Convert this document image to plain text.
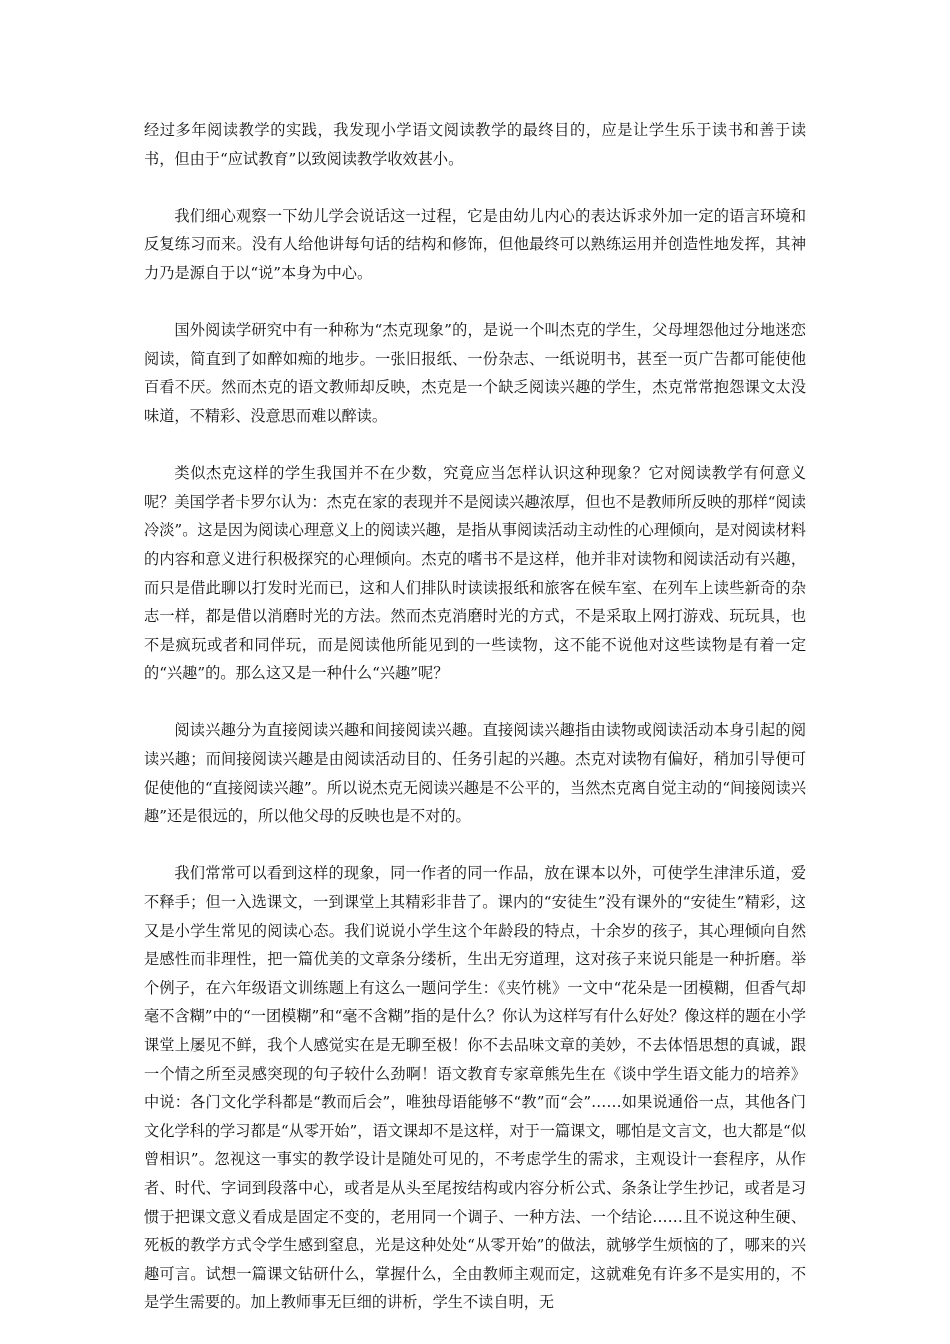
经过多年阅读教学的实践，我发现小学语文阅读教学的最终目的，应是让学生乐于读书和善于读书，但由于“应试教育”以致阅读教学收效甚小。

我们细心观察一下幼儿学会说话这一过程，它是由幼儿内心的表达诉求外加一定的语言环境和反复练习而来。没有人给他讲每句话的结构和修饰，但他最终可以熟练运用并创造性地发挥，其神力乃是源自于以“说”本身为中心。

国外阅读学研究中有一种称为“杰克现象”的，是说一个叫杰克的学生，父母埋怨他过分地迷恋阅读，简直到了如醉如痴的地步。一张旧报纸、一份杂志、一纸说明书，甚至一页广告都可能使他百看不厌。然而杰克的语文教师却反映，杰克是一个缺乏阅读兴趣的学生，杰克常常抱怨课文太没味道，不精彩、没意思而难以醉读。

类似杰克这样的学生我国并不在少数，究竟应当怎样认识这种现象？它对阅读教学有何意义呢？美国学者卡罗尔认为：杰克在家的表现并不是阅读兴趣浓厚，但也不是教师所反映的那样“阅读冷淡”。这是因为阅读心理意义上的阅读兴趣，是指从事阅读活动主动性的心理倾向，是对阅读材料的内容和意义进行积极探究的心理倾向。杰克的嗜书不是这样，他并非对读物和阅读活动有兴趣，而只是借此聊以打发时光而已，这和人们排队时读读报纸和旅客在候车室、在列车上读些新奇的杂志一样，都是借以消磨时光的方法。然而杰克消磨时光的方式，不是采取上网打游戏、玩玩具，也不是疯玩或者和同伴玩，而是阅读他所能见到的一些读物，这不能不说他对这些读物是有着一定的“兴趣”的。那么这又是一种什么“兴趣”呢？

阅读兴趣分为直接阅读兴趣和间接阅读兴趣。直接阅读兴趣指由读物或阅读活动本身引起的阅读兴趣；而间接阅读兴趣是由阅读活动目的、任务引起的兴趣。杰克对读物有偏好，稍加引导便可促使他的“直接阅读兴趣”。所以说杰克无阅读兴趣是不公平的，当然杰克离自觉主动的“间接阅读兴趣”还是很远的，所以他父母的反映也是不对的。

我们常常可以看到这样的现象，同一作者的同一作品，放在课本以外，可使学生津津乐道，爱不释手；但一入选课文，一到课堂上其精彩非昔了。课内的“安徒生”没有课外的“安徒生”精彩，这又是小学生常见的阅读心态。我们说说小学生这个年龄段的特点，十余岁的孩子，其心理倾向自然是感性而非理性，把一篇优美的文章条分缕析，生出无穷道理，这对孩子来说只能是一种折磨。举个例子，在六年级语文训练题上有这么一题问学生：《夹竹桃》一文中“花朵是一团模糊，但香气却毫不含糊”中的“一团模糊”和“毫不含糊”指的是什么？你认为这样写有什么好处？像这样的题在小学课堂上屡见不鲜，我个人感觉实在是无聊至极！你不去品味文章的美妙，不去体悟思想的真诚，跟一个情之所至灵感突现的句子较什么劲啊！语文教育专家章熊先生在《谈中学生语文能力的培养》中说：各门文化学科都是“教而后会”，唯独母语能够不“教”而“会”……如果说通俗一点，其他各门文化学科的学习都是“从零开始”，语文课却不是这样，对于一篇课文，哪怕是文言文，也大都是“似曾相识”。忽视这一事实的教学设计是随处可见的，不考虑学生的需求，主观设计一套程序，从作者、时代、字词到段落中心，或者是从头至尾按结构或内容分析公式、条条让学生抄记，或者是习惯于把课文意义看成是固定不变的，老用同一个调子、一种方法、一个结论……且不说这种生硬、死板的教学方式令学生感到窒息，光是这种处处“从零开始”的做法，就够学生烦恼的了，哪来的兴趣可言。试想一篇课文钻研什么，掌握什么，全由教师主观而定，这就难免有许多不是实用的，不是学生需要的。加上教师事无巨细的讲析，学生不读自明，无
